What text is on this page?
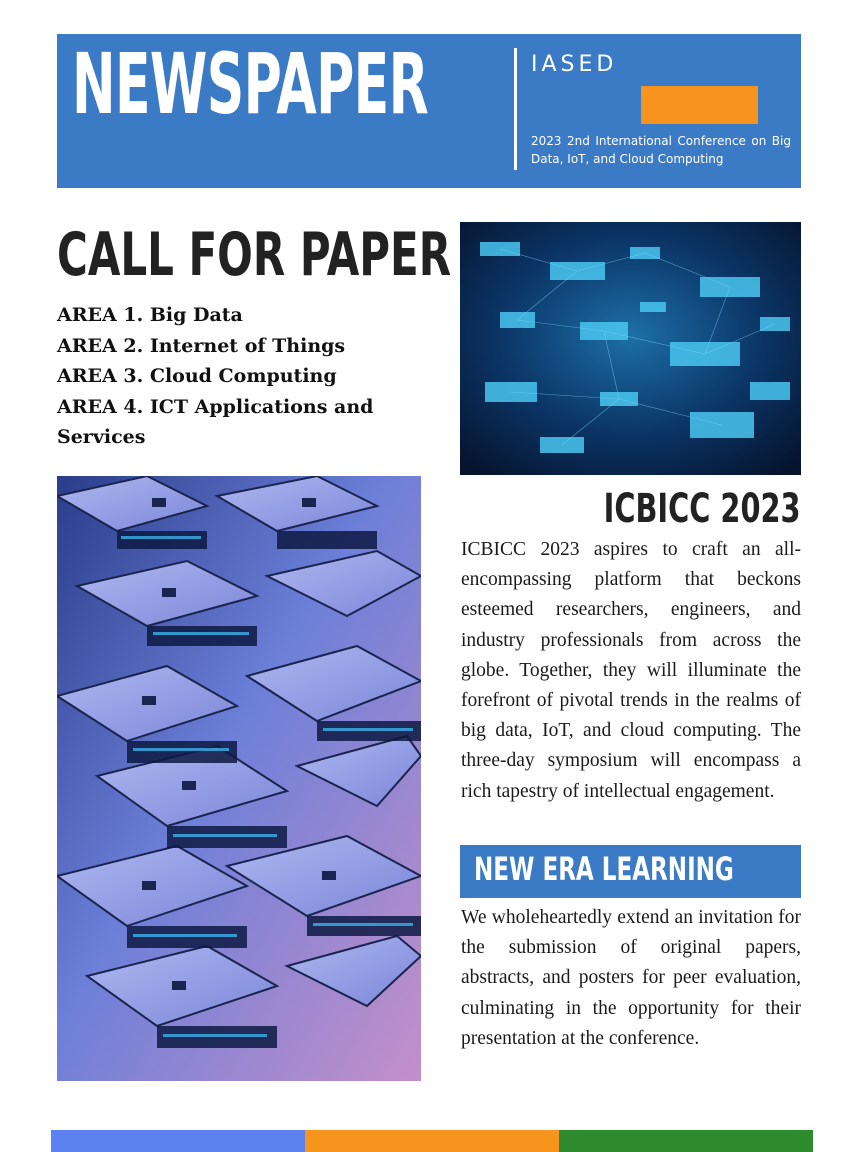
NEWSPAPER	IASED
2023 2nd International Conference on Big Data, IoT, and Cloud Computing
CALL FOR PAPER
AREA 1. Big Data
AREA 2. Internet of Things
AREA 3. Cloud Computing
AREA 4. ICT Applications and Services
ICBICC 2023

ICBICC 2023 aspires to craft an all-encompassing platform that beckons esteemed researchers, engineers, and industry professionals from across the globe. Together, they will illuminate the forefront of pivotal trends in the realms of big data, IoT, and cloud computing. The three-day symposium will encompass a rich tapestry of intellectual engagement.

NEW ERA LEARNING

We wholeheartedly extend an invitation for the submission of original papers, abstracts, and posters for peer evaluation, culminating in the opportunity for their presentation at the conference.
